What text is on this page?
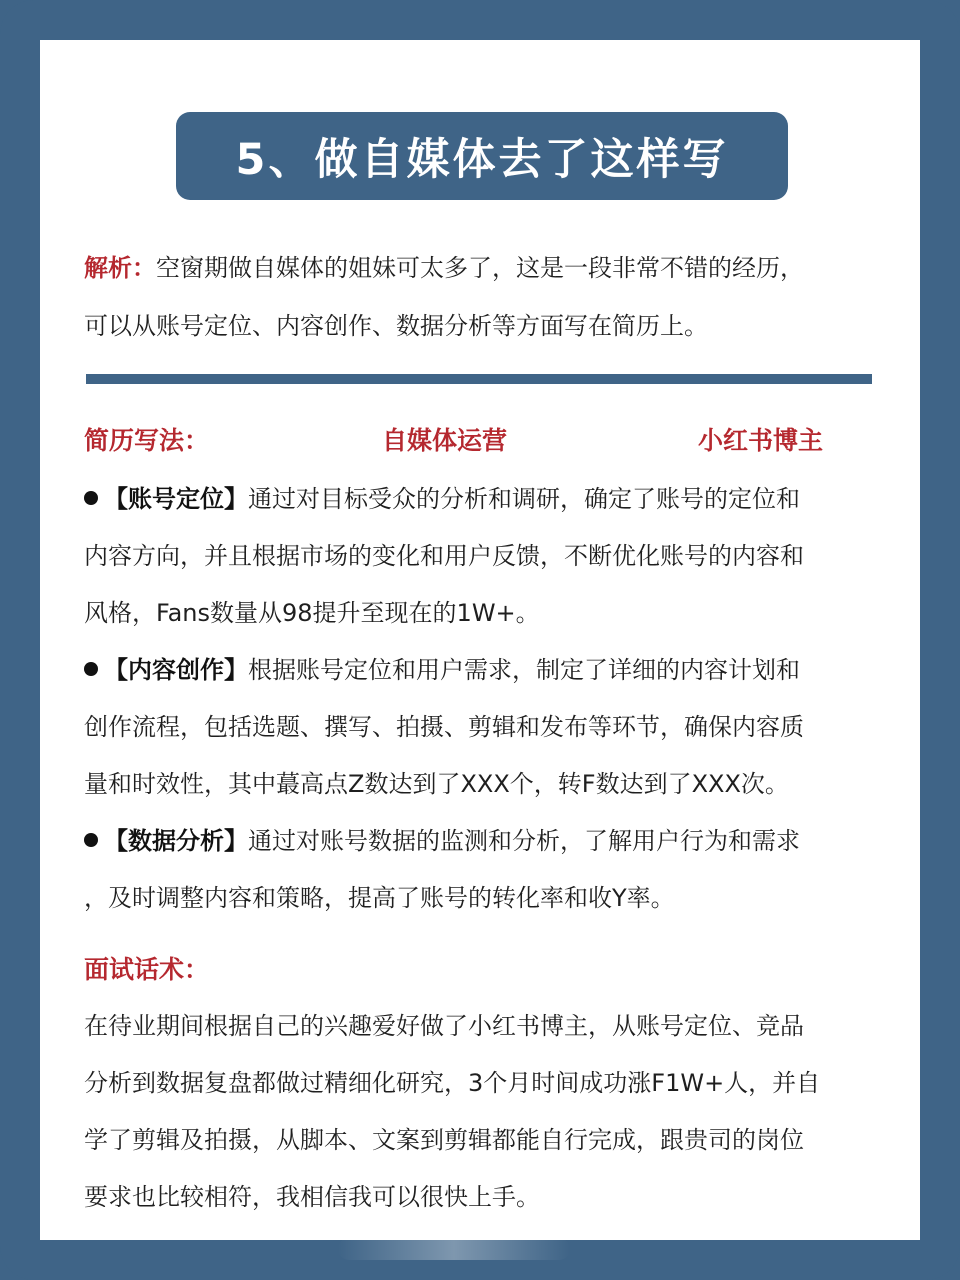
5、做自媒体去了这样写
解析：空窗期做自媒体的姐妹可太多了，这是一段非常不错的经历，
可以从账号定位、内容创作、数据分析等方面写在简历上。
简历写法：	自媒体运营	小红书博主
【账号定位】通过对目标受众的分析和调研，确定了账号的定位和
内容方向，并且根据市场的变化和用户反馈，不断优化账号的内容和
风格，Fans数量从98提升至现在的1W+。
【内容创作】根据账号定位和用户需求，制定了详细的内容计划和
创作流程，包括选题、撰写、拍摄、剪辑和发布等环节，确保内容质
量和时效性，其中蕞高点Z数达到了XXX个，转F数达到了XXX次。
【数据分析】通过对账号数据的监测和分析，了解用户行为和需求
，及时调整内容和策略，提高了账号的转化率和收Y率。
面试话术：
在待业期间根据自己的兴趣爱好做了小红书博主，从账号定位、竞品
分析到数据复盘都做过精细化研究，3个月时间成功涨F1W+人，并自
学了剪辑及拍摄，从脚本、文案到剪辑都能自行完成，跟贵司的岗位
要求也比较相符，我相信我可以很快上手。
